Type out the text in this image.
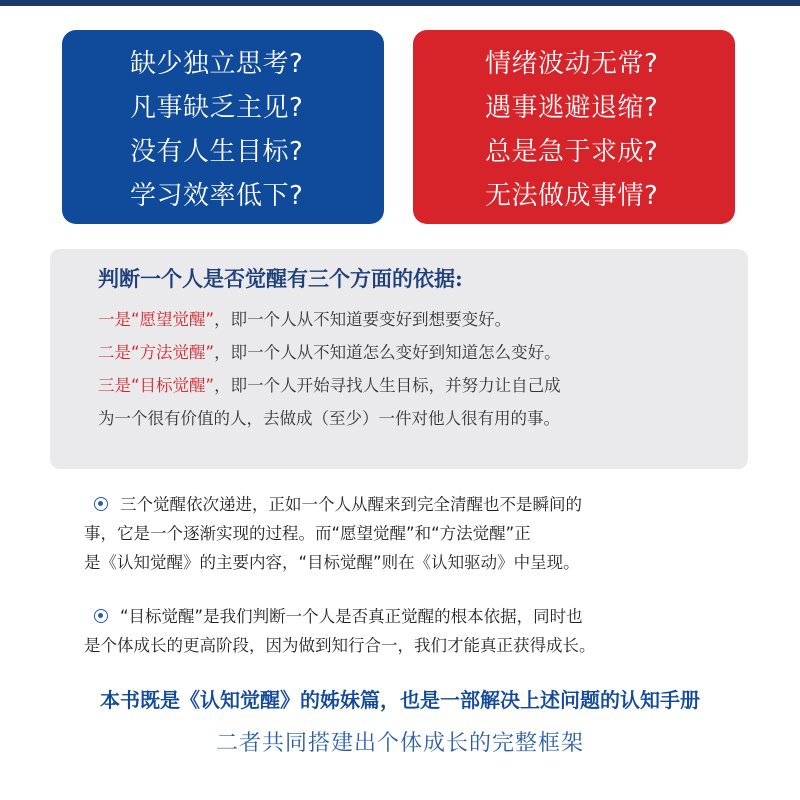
缺少独立思考?
凡事缺乏主见?
没有人生目标?
学习效率低下?
情绪波动无常?
遇事逃避退缩?
总是急于求成?
无法做成事情?
判断一个人是否觉醒有三个方面的依据:
一是“愿望觉醒”，即一个人从不知道要变好到想要变好。
二是“方法觉醒”，即一个人从不知道怎么变好到知道怎么变好。
三是“目标觉醒”，即一个人开始寻找人生目标，并努力让自己成
为一个很有价值的人，去做成（至少）一件对他人很有用的事。
三个觉醒依次递进，正如一个人从醒来到完全清醒也不是瞬间的
事，它是一个逐渐实现的过程。而“愿望觉醒”和“方法觉醒”正
是《认知觉醒》的主要内容，“目标觉醒”则在《认知驱动》中呈现。
“目标觉醒”是我们判断一个人是否真正觉醒的根本依据，同时也
是个体成长的更高阶段，因为做到知行合一，我们才能真正获得成长。
本书既是《认知觉醒》的姊妹篇，也是一部解决上述问题的认知手册
二者共同搭建出个体成长的完整框架
